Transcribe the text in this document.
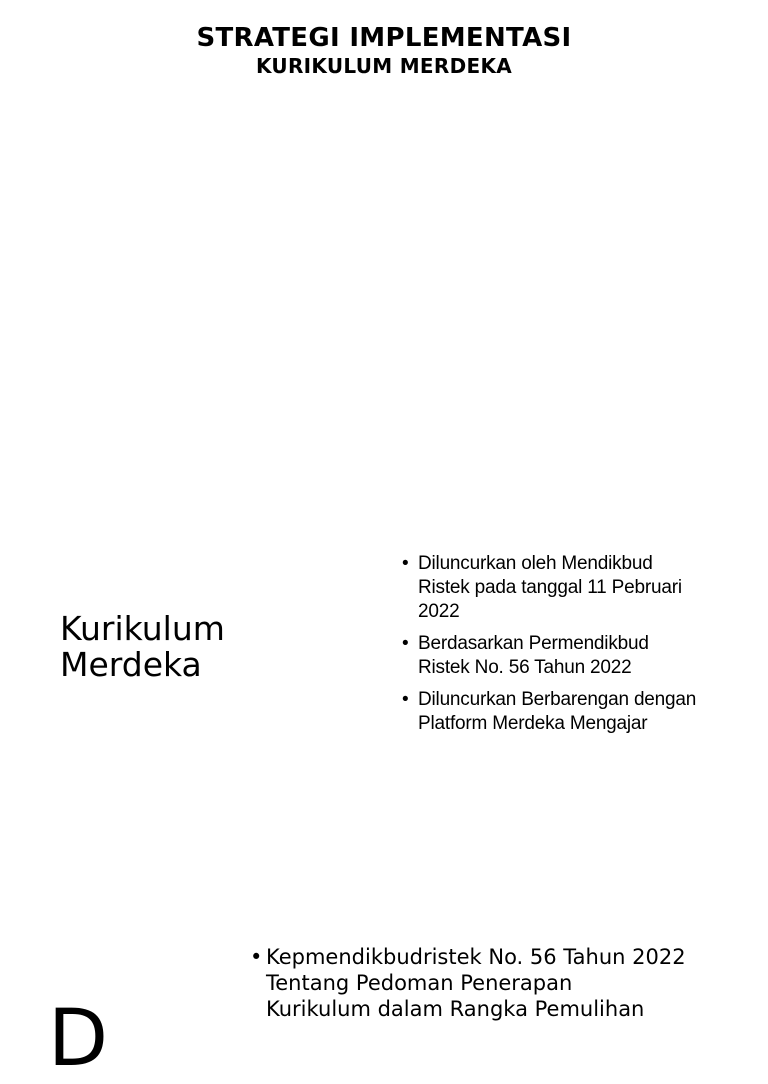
STRATEGI IMPLEMENTASI
KURIKULUM MERDEKA
Kurikulum
Merdeka
• Diluncurkan oleh Mendikbud
Ristek pada tanggal 11 Pebruari
2022
• Berdasarkan Permendikbud
Ristek No. 56 Tahun 2022
• Diluncurkan Berbarengan dengan
Platform Merdeka Mengajar
• Kepmendikbudristek No. 56 Tahun 2022
Tentang Pedoman Penerapan
Kurikulum dalam Rangka Pemulihan
D
